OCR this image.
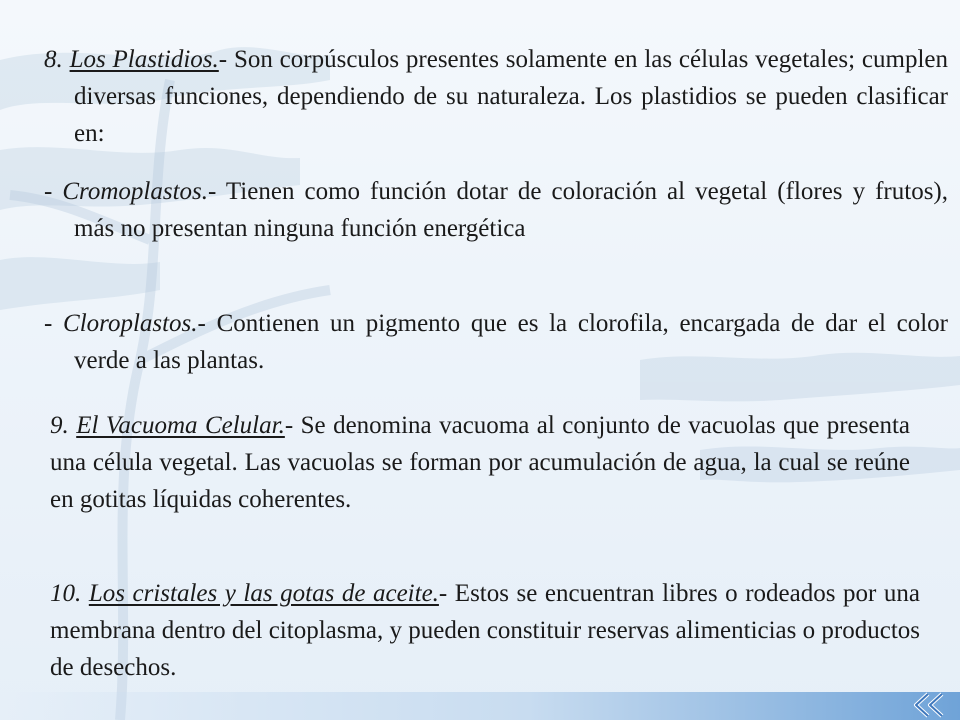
8. Los Plastidios.- Son corpúsculos presentes solamente en las células vegetales; cumplen diversas funciones, dependiendo de su naturaleza. Los plastidios se pueden clasificar en:

- Cromoplastos.- Tienen como función dotar de coloración al vegetal (flores y frutos), más no presentan ninguna función energética

- Cloroplastos.- Contienen un pigmento que es la clorofila, encargada de dar el color verde a las plantas.

9. El Vacuoma Celular.- Se denomina vacuoma al conjunto de vacuolas que presenta una célula vegetal. Las vacuolas se forman por acumulación de agua, la cual se reúne en gotitas líquidas coherentes.

10. Los cristales y las gotas de aceite.- Estos se encuentran libres o rodeados por una membrana dentro del citoplasma, y pueden constituir reservas alimenticias o productos de desechos.
